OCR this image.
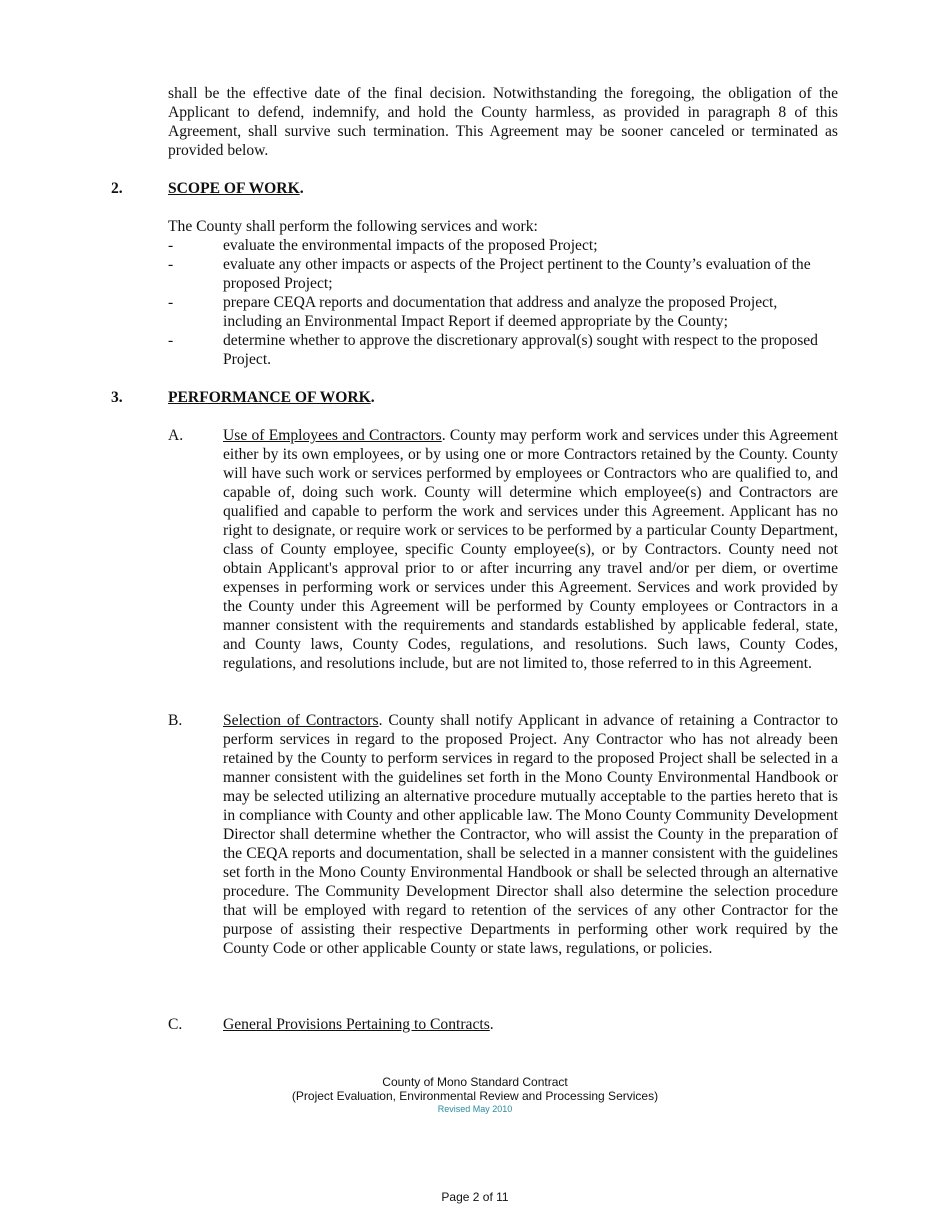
shall be the effective date of the final decision. Notwithstanding the foregoing, the obligation of the Applicant to defend, indemnify, and hold the County harmless, as provided in paragraph 8 of this Agreement, shall survive such termination. This Agreement may be sooner canceled or terminated as provided below.
2.	SCOPE OF WORK.
The County shall perform the following services and work:
-	evaluate the environmental impacts of the proposed Project;
-	evaluate any other impacts or aspects of the Project pertinent to the County’s evaluation of the proposed Project;
-	prepare CEQA reports and documentation that address and analyze the proposed Project, including an Environmental Impact Report if deemed appropriate by the County;
-	determine whether to approve the discretionary approval(s) sought with respect to the proposed Project.
3.	PERFORMANCE OF WORK.
A.	Use of Employees and Contractors. County may perform work and services under this Agreement either by its own employees, or by using one or more Contractors retained by the County. County will have such work or services performed by employees or Contractors who are qualified to, and capable of, doing such work. County will determine which employee(s) and Contractors are qualified and capable to perform the work and services under this Agreement. Applicant has no right to designate, or require work or services to be performed by a particular County Department, class of County employee, specific County employee(s), or by Contractors. County need not obtain Applicant's approval prior to or after incurring any travel and/or per diem, or overtime expenses in performing work or services under this Agreement. Services and work provided by the County under this Agreement will be performed by County employees or Contractors in a manner consistent with the requirements and standards established by applicable federal, state, and County laws, County Codes, regulations, and resolutions. Such laws, County Codes, regulations, and resolutions include, but are not limited to, those referred to in this Agreement.
B.	Selection of Contractors. County shall notify Applicant in advance of retaining a Contractor to perform services in regard to the proposed Project. Any Contractor who has not already been retained by the County to perform services in regard to the proposed Project shall be selected in a manner consistent with the guidelines set forth in the Mono County Environmental Handbook or may be selected utilizing an alternative procedure mutually acceptable to the parties hereto that is in compliance with County and other applicable law. The Mono County Community Development Director shall determine whether the Contractor, who will assist the County in the preparation of the CEQA reports and documentation, shall be selected in a manner consistent with the guidelines set forth in the Mono County Environmental Handbook or shall be selected through an alternative procedure. The Community Development Director shall also determine the selection procedure that will be employed with regard to retention of the services of any other Contractor for the purpose of assisting their respective Departments in performing other work required by the County Code or other applicable County or state laws, regulations, or policies.
C.	General Provisions Pertaining to Contracts.
County of Mono Standard Contract
(Project Evaluation, Environmental Review and Processing Services)
Revised May 2010
Page 2 of 11
